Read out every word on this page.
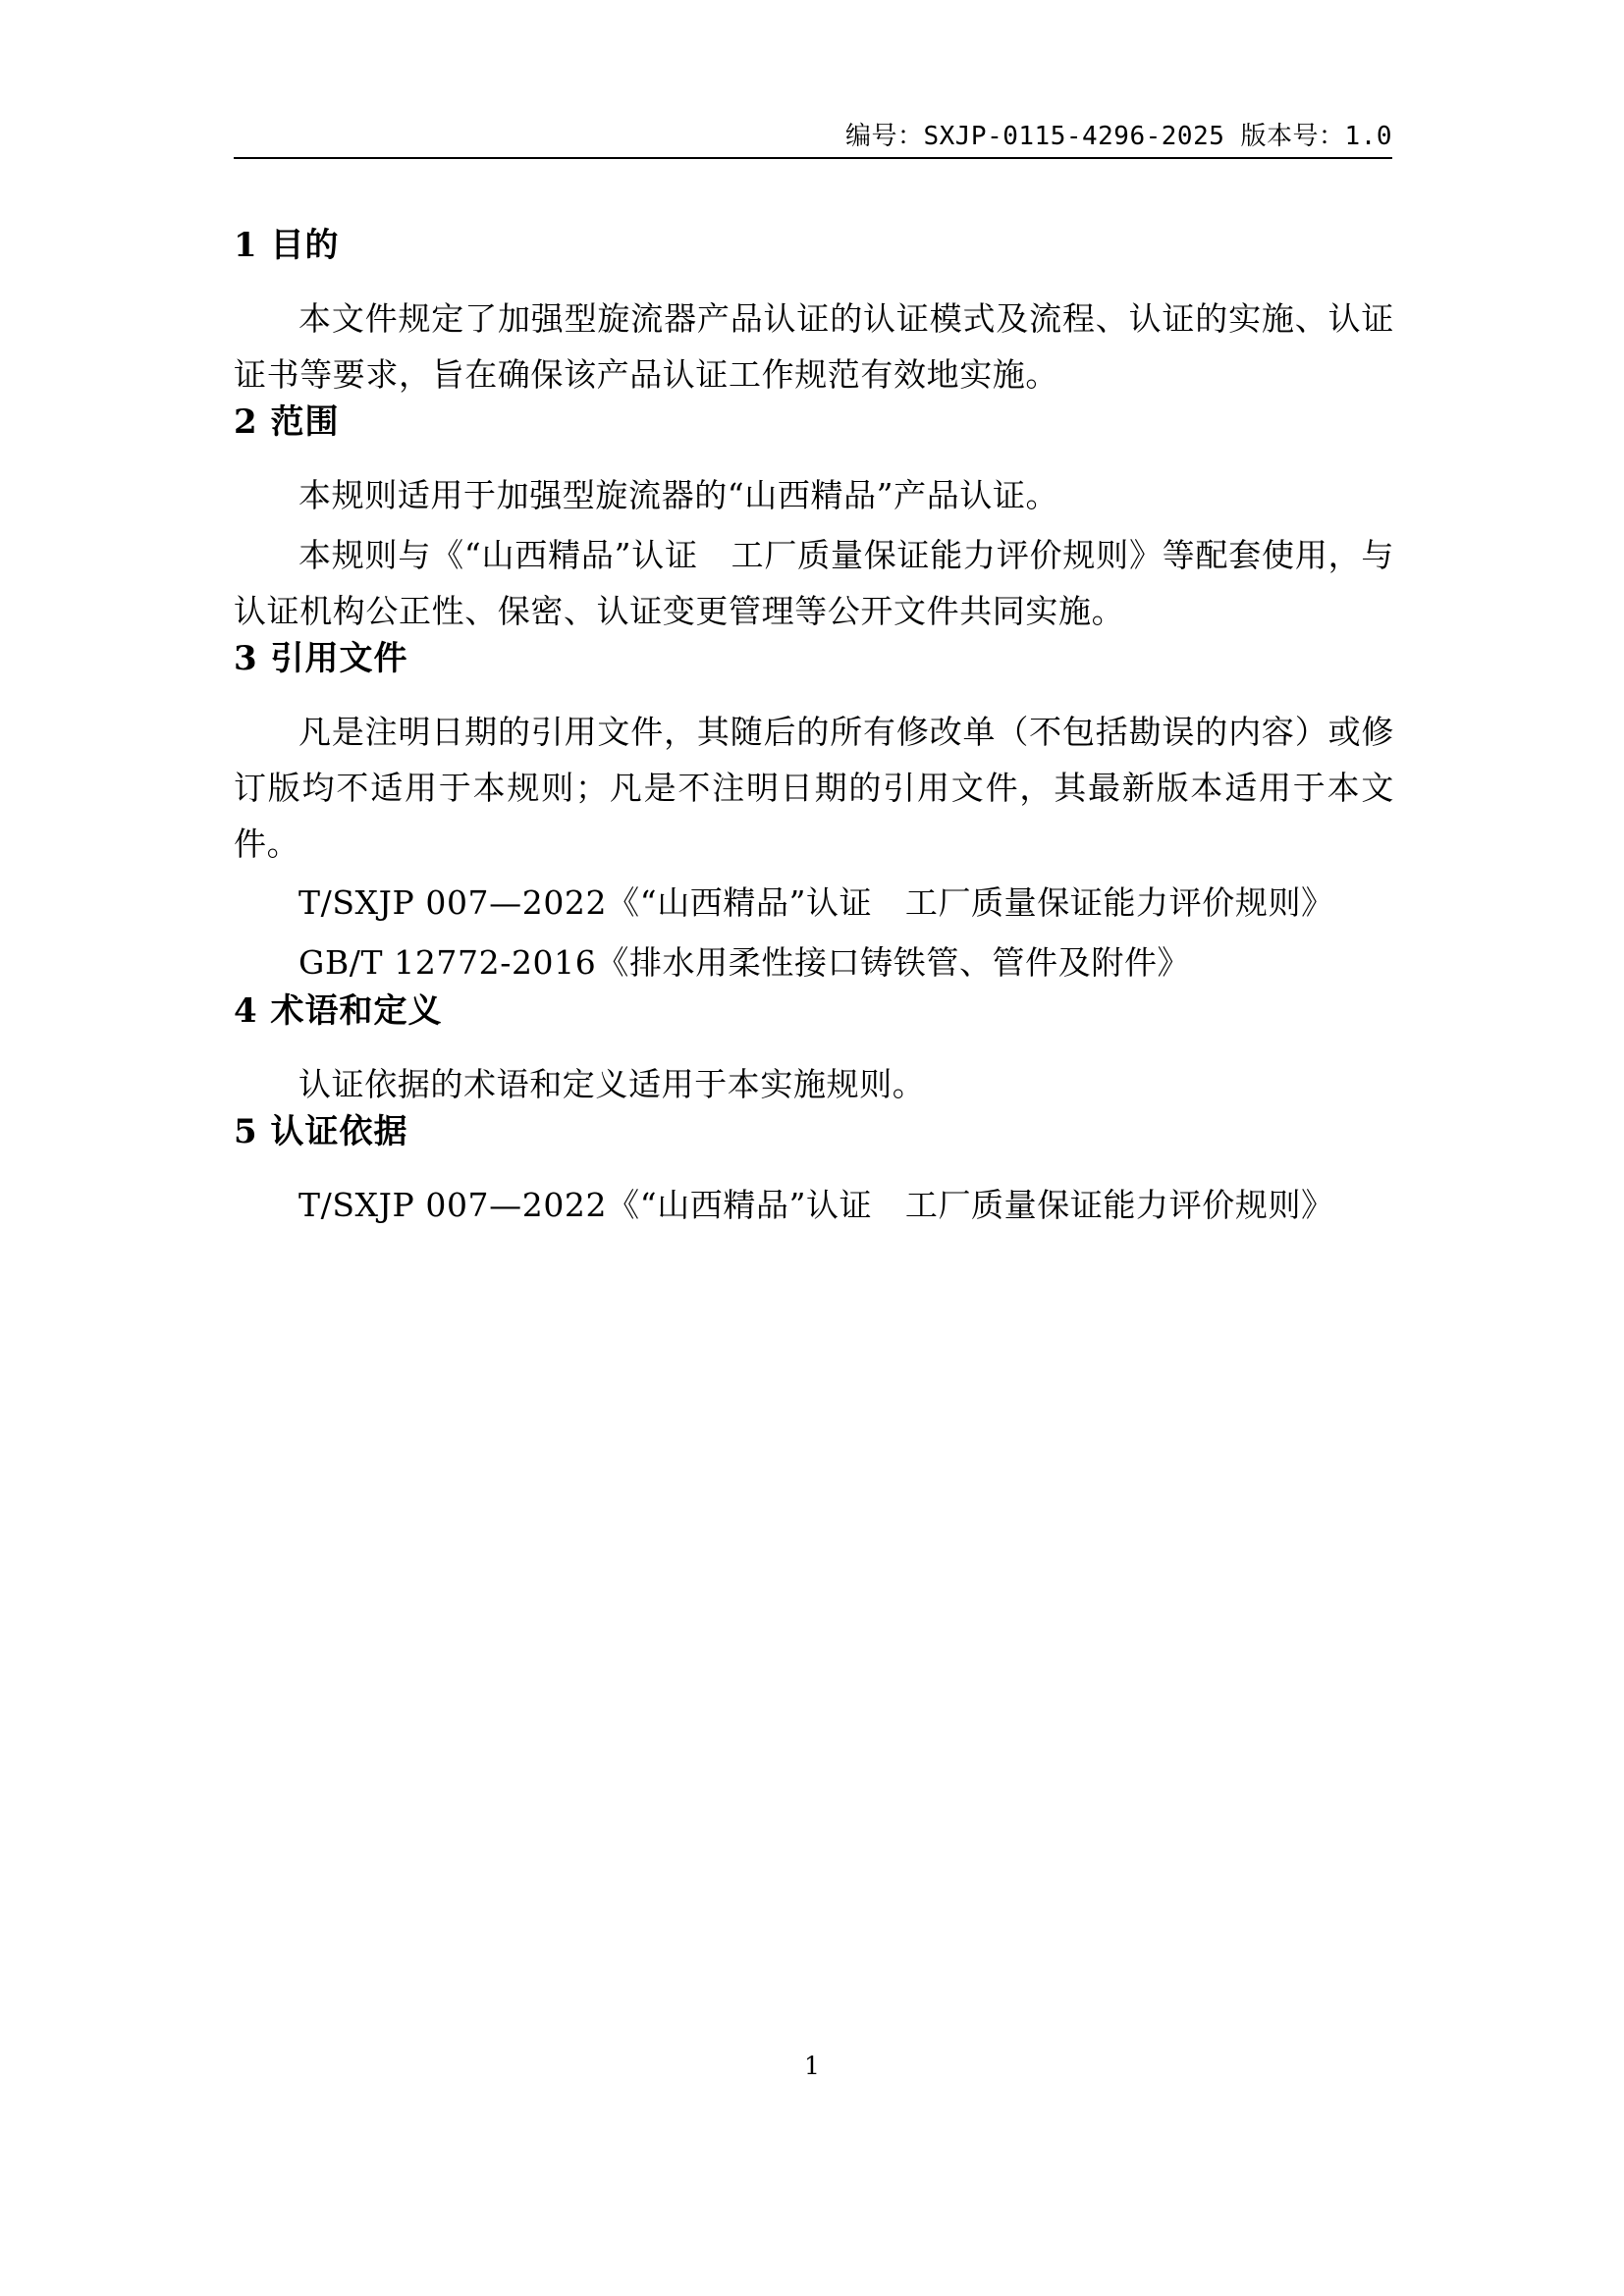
编号：SXJP-0115-4296-2025 版本号：1.0
1 目的

本文件规定了加强型旋流器产品认证的认证模式及流程、认证的实施、认证证书等要求，旨在确保该产品认证工作规范有效地实施。

2 范围

本规则适用于加强型旋流器的“山西精品”产品认证。

本规则与《“山西精品”认证　工厂质量保证能力评价规则》等配套使用，与认证机构公正性、保密、认证变更管理等公开文件共同实施。

3 引用文件

凡是注明日期的引用文件，其随后的所有修改单（不包括勘误的内容）或修订版均不适用于本规则；凡是不注明日期的引用文件，其最新版本适用于本文件。

T/SXJP 007—2022《“山西精品”认证　工厂质量保证能力评价规则》

GB/T 12772-2016《排水用柔性接口铸铁管、管件及附件》

4 术语和定义

认证依据的术语和定义适用于本实施规则。

5 认证依据

T/SXJP 007—2022《“山西精品”认证　工厂质量保证能力评价规则》

1
